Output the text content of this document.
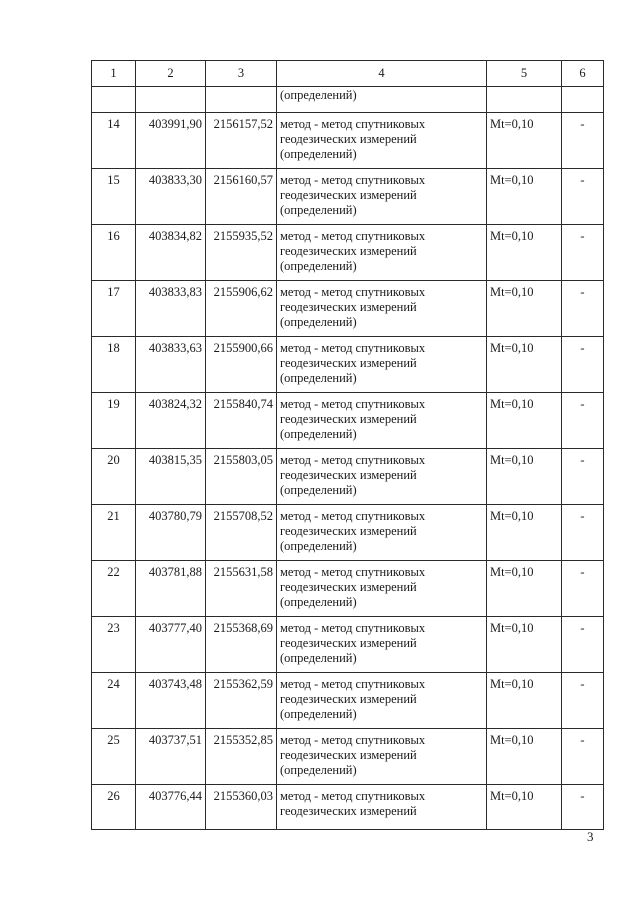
1	2	3	4	5	6
			(определений)		
14	403991,90	2156157,52	метод - метод спутниковых
геодезических измерений
(определений)	Mt=0,10	-
15	403833,30	2156160,57	метод - метод спутниковых
геодезических измерений
(определений)	Mt=0,10	-
16	403834,82	2155935,52	метод - метод спутниковых
геодезических измерений
(определений)	Mt=0,10	-
17	403833,83	2155906,62	метод - метод спутниковых
геодезических измерений
(определений)	Mt=0,10	-
18	403833,63	2155900,66	метод - метод спутниковых
геодезических измерений
(определений)	Mt=0,10	-
19	403824,32	2155840,74	метод - метод спутниковых
геодезических измерений
(определений)	Mt=0,10	-
20	403815,35	2155803,05	метод - метод спутниковых
геодезических измерений
(определений)	Mt=0,10	-
21	403780,79	2155708,52	метод - метод спутниковых
геодезических измерений
(определений)	Mt=0,10	-
22	403781,88	2155631,58	метод - метод спутниковых
геодезических измерений
(определений)	Mt=0,10	-
23	403777,40	2155368,69	метод - метод спутниковых
геодезических измерений
(определений)	Mt=0,10	-
24	403743,48	2155362,59	метод - метод спутниковых
геодезических измерений
(определений)	Mt=0,10	-
25	403737,51	2155352,85	метод - метод спутниковых
геодезических измерений
(определений)	Mt=0,10	-
26	403776,44	2155360,03	метод - метод спутниковых
геодезических измерений	Mt=0,10	-
3
